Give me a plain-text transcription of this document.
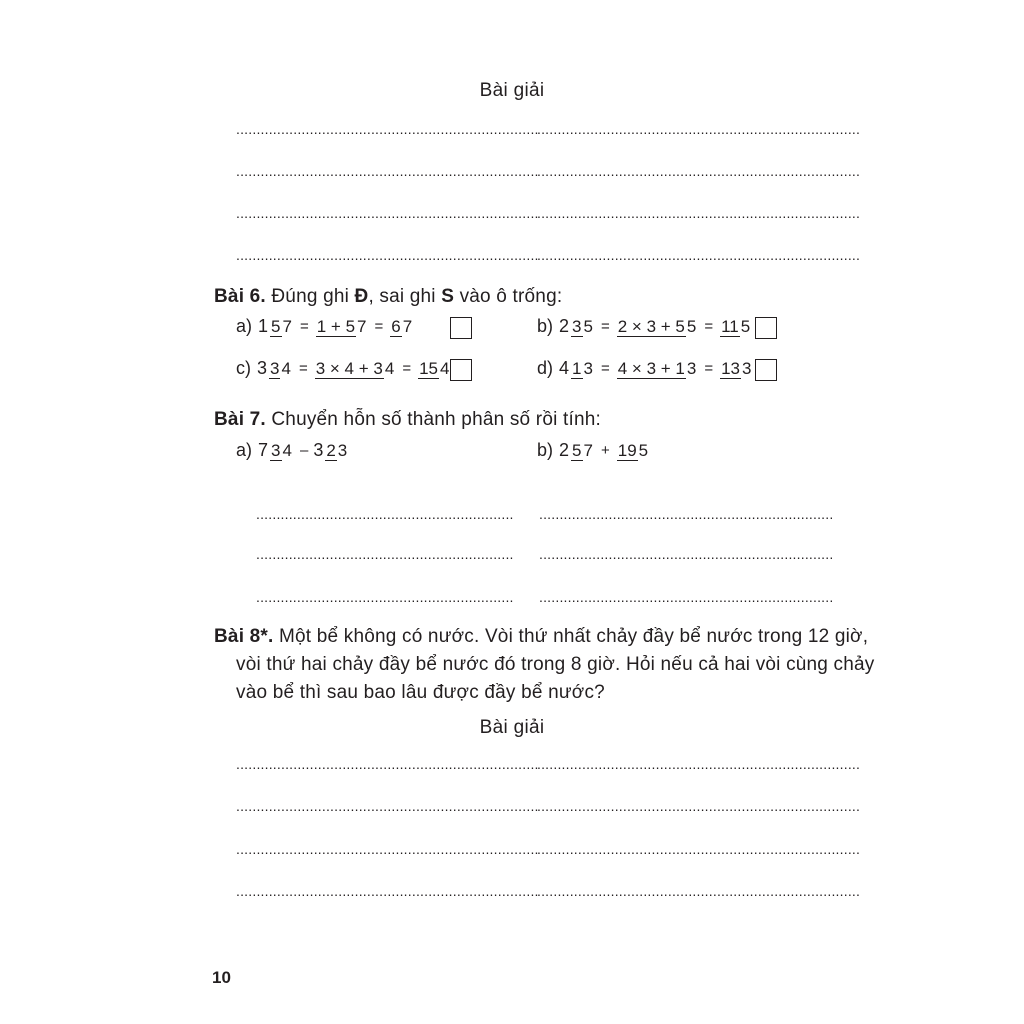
Bài giải
..........................................................................
...............................................................................
..........................................................................
...............................................................................
..........................................................................
...............................................................................
..........................................................................
...............................................................................
Bài 6. Đúng ghi Đ, sai ghi S vào ô trống:
a) 1 5 7 = 1 + 5 7 = 6 7	b) 2 3 5 = 2 × 3 + 5 5 = 11 5
c) 3 3 4 = 3 × 4 + 3 4 = 15 4	d) 4 1 3 = 4 × 3 + 1 3 = 13 3
Bài 7. Chuyển hỗn số thành phân số rồi tính:
a) 7 3 4 – 3 2 3	b) 2 5 7 + 19 5
............................................................... ........................................................................
............................................................... ........................................................................
............................................................... ........................................................................
Bài 8*. Một bể không có nước. Vòi thứ nhất chảy đầy bể nước trong 12 giờ,
vòi thứ hai chảy đầy bể nước đó trong 8 giờ. Hỏi nếu cả hai vòi cùng chảy
vào bể thì sau bao lâu được đầy bể nước?
Bài giải
..........................................................................
...............................................................................
..........................................................................
...............................................................................
..........................................................................
...............................................................................
..........................................................................
...............................................................................
10
